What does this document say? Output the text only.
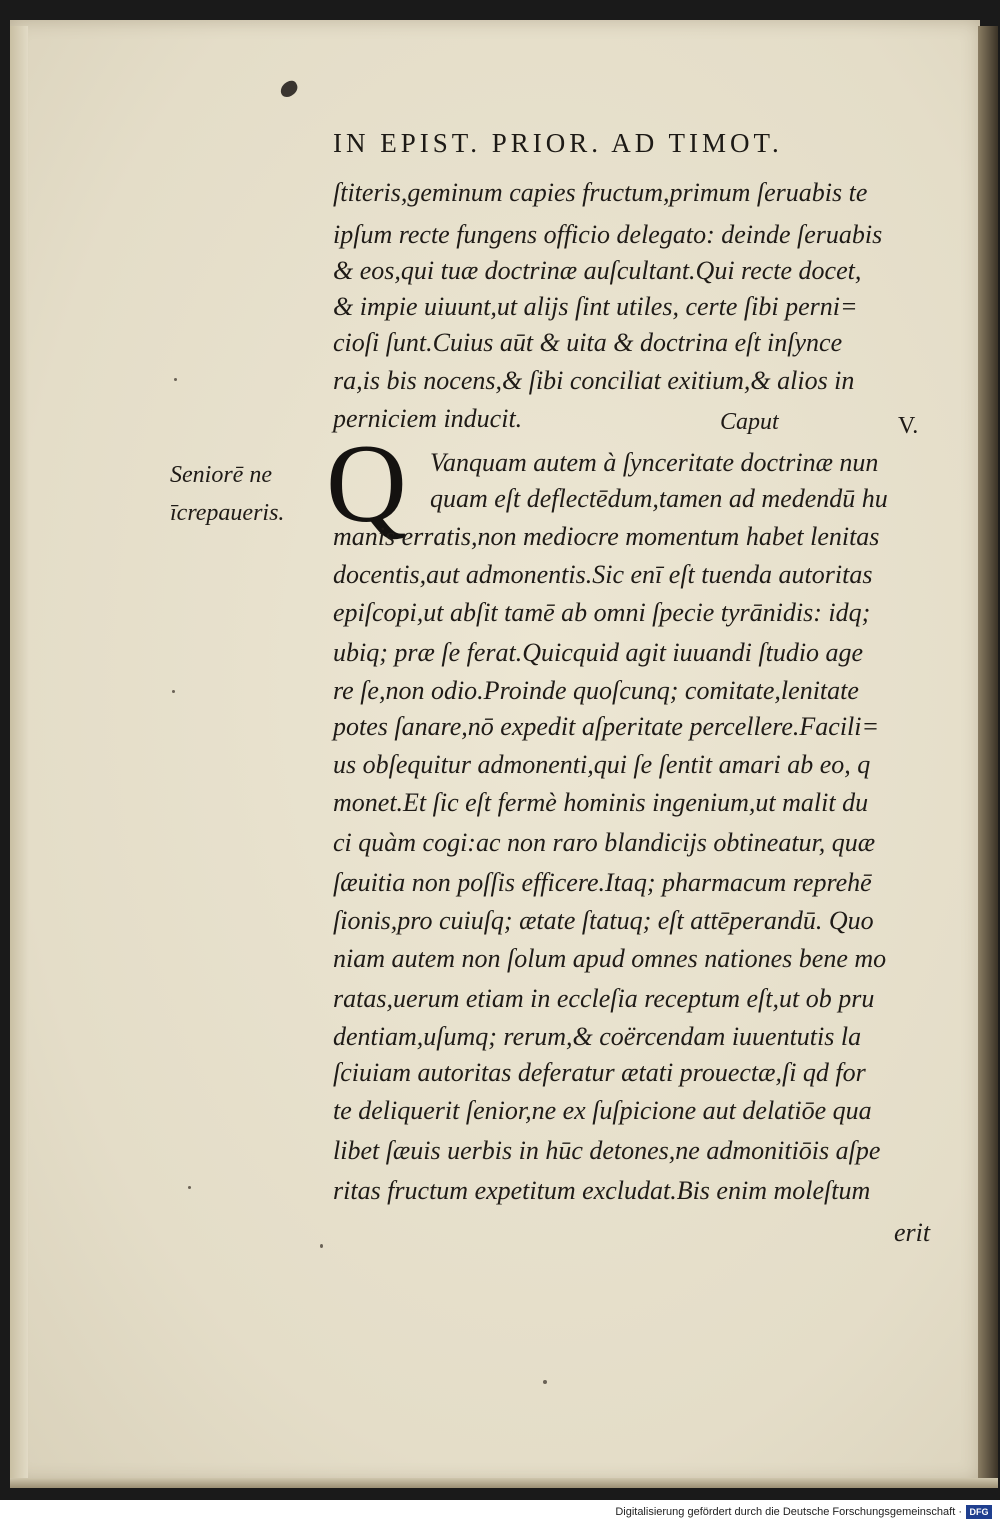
IN EPIST. PRIOR. AD TIMOT.
ſtiteris,geminum capies fructum,primum ſeruabis te
ipſum recte fungens officio delegato: deinde ſeruabis
& eos,qui tuæ doctrinæ auſcultant.Qui recte docet,
& impie uiuunt,ut alijs ſint utiles, certe ſibi perni=
cioſi ſunt.Cuius aūt & uita & doctrina eſt inſynce
ra,is bis nocens,& ſibi conciliat exitium,& alios in
perniciem inducit.	Caput	V.
Q
Seniorē ne
īcrepaueris.
Vanquam autem à ſynceritate doctrinæ nun
quam eſt deflectēdum,tamen ad medendū hu
manis erratis,non mediocre momentum habet lenitas
docentis,aut admonentis.Sic enī eſt tuenda autoritas
epiſcopi,ut abſit tamē ab omni ſpecie tyrānidis: idq;
ubiq; præ ſe ferat.Quicquid agit iuuandi ſtudio age
re ſe,non odio.Proinde quoſcunq; comitate,lenitate
potes ſanare,nō expedit aſperitate percellere.Facili=
us obſequitur admonenti,qui ſe ſentit amari ab eo, q
monet.Et ſic eſt fermè hominis ingenium,ut malit du
ci quàm cogi:ac non raro blandicijs obtineatur, quæ
ſæuitia non poſſis efficere.Itaq; pharmacum reprehē
ſionis,pro cuiuſq; ætate ſtatuq; eſt attēperandū. Quo
niam autem non ſolum apud omnes nationes bene mo
ratas,uerum etiam in eccleſia receptum eſt,ut ob pru
dentiam,uſumq; rerum,& coërcendam iuuentutis la
ſciuiam autoritas deferatur ætati prouectæ,ſi qd for
te deliquerit ſenior,ne ex ſuſpicione aut delatiōe qua
libet ſæuis uerbis in hūc detones,ne admonitiōis aſpe
ritas fructum expetitum excludat.Bis enim moleſtum
erit
Digitalisierung gefördert durch die Deutsche Forschungsgemeinschaft · DFG
